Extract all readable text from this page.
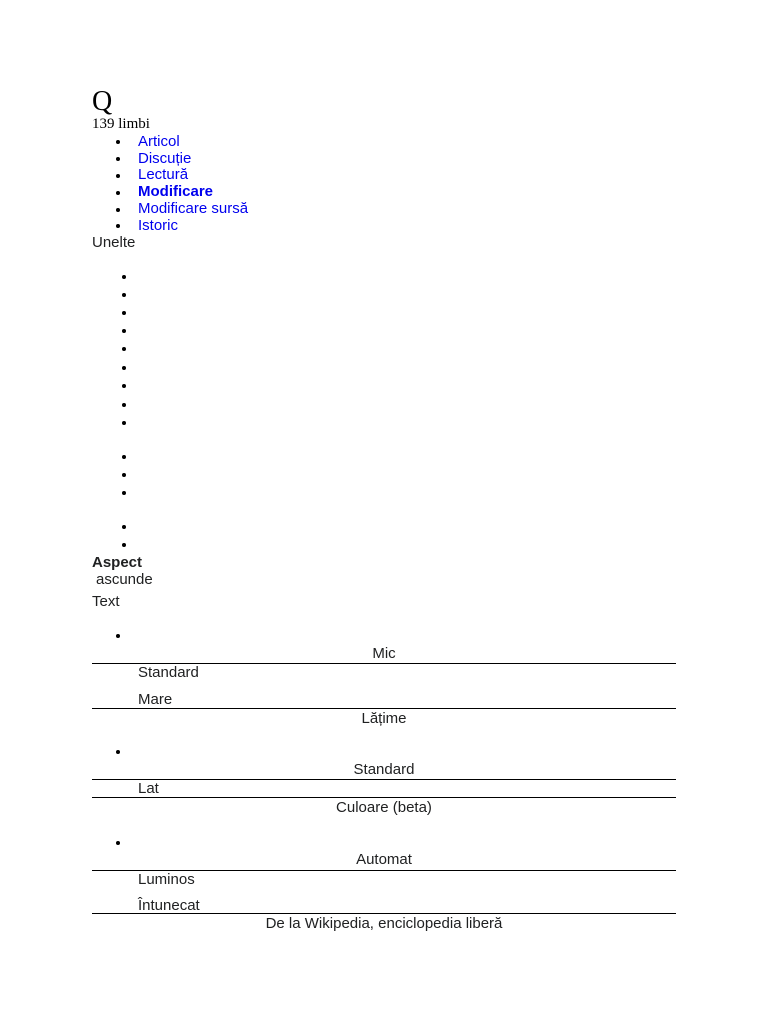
Q
139 limbi
Articol
Discuție
Lectură
Modificare
Modificare sursă
Istoric
Unelte
Aspect
ascunde
Text
Mic
Standard
Mare
Lățime
Standard
Lat
Culoare (beta)
Automat
Luminos
Întunecat
De la Wikipedia, enciclopedia liberă
